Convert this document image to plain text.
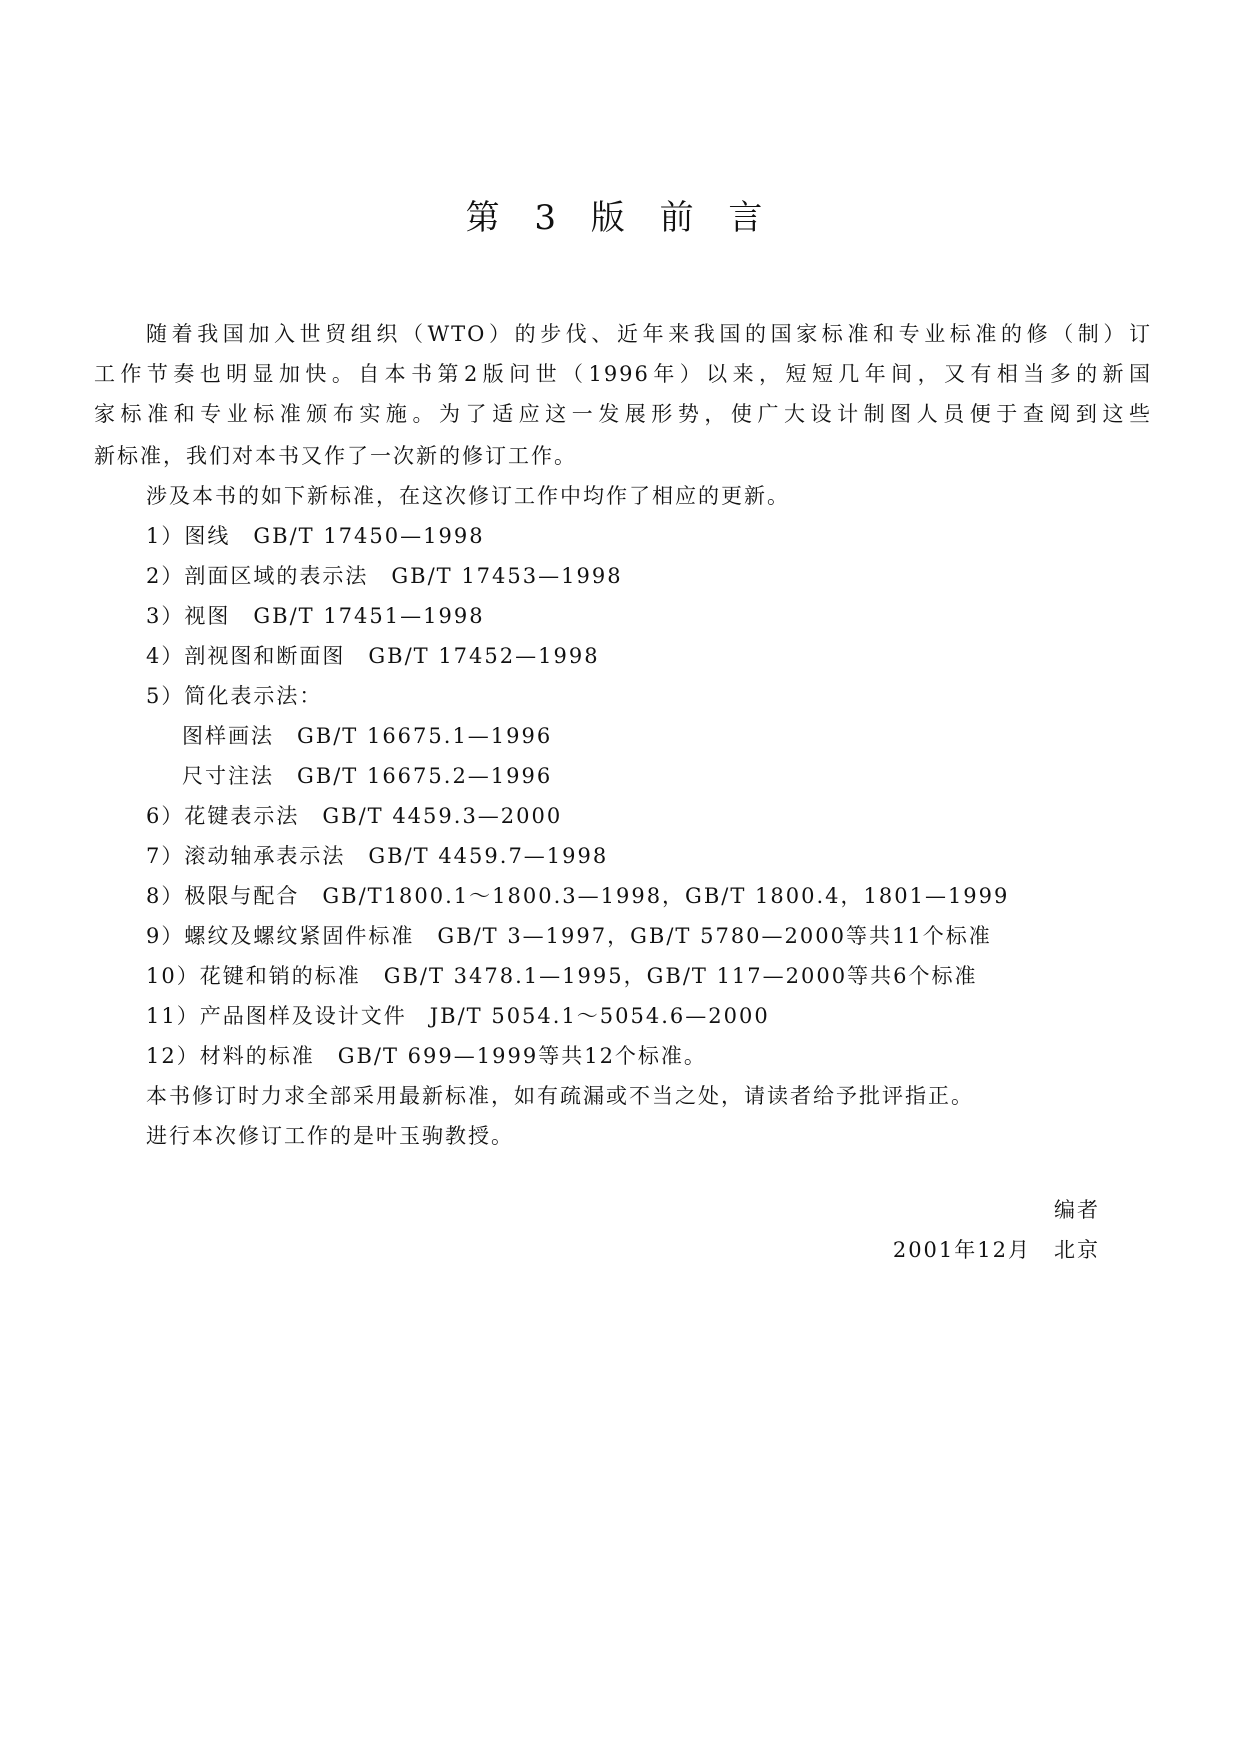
第 3 版 前 言
随着我国加入世贸组织（WTO）的步伐、近年来我国的国家标准和专业标准的修（制）订
工作节奏也明显加快。自本书第2版问世（1996年）以来，短短几年间，又有相当多的新国
家标准和专业标准颁布实施。为了适应这一发展形势，使广大设计制图人员便于查阅到这些
新标准，我们对本书又作了一次新的修订工作。
涉及本书的如下新标准，在这次修订工作中均作了相应的更新。
1）图线　GB/T 17450—1998
2）剖面区域的表示法　GB/T 17453—1998
3）视图　GB/T 17451—1998
4）剖视图和断面图　GB/T 17452—1998
5）简化表示法：
图样画法　GB/T 16675.1—1996
尺寸注法　GB/T 16675.2—1996
6）花键表示法　GB/T 4459.3—2000
7）滚动轴承表示法　GB/T 4459.7—1998
8）极限与配合　GB/T1800.1～1800.3—1998，GB/T 1800.4，1801—1999
9）螺纹及螺纹紧固件标准　GB/T 3—1997，GB/T 5780—2000等共11个标准
10）花键和销的标准　GB/T 3478.1—1995，GB/T 117—2000等共6个标准
11）产品图样及设计文件　JB/T 5054.1～5054.6—2000
12）材料的标准　GB/T 699—1999等共12个标准。
本书修订时力求全部采用最新标准，如有疏漏或不当之处，请读者给予批评指正。
进行本次修订工作的是叶玉驹教授。
编者
2001年12月　北京
